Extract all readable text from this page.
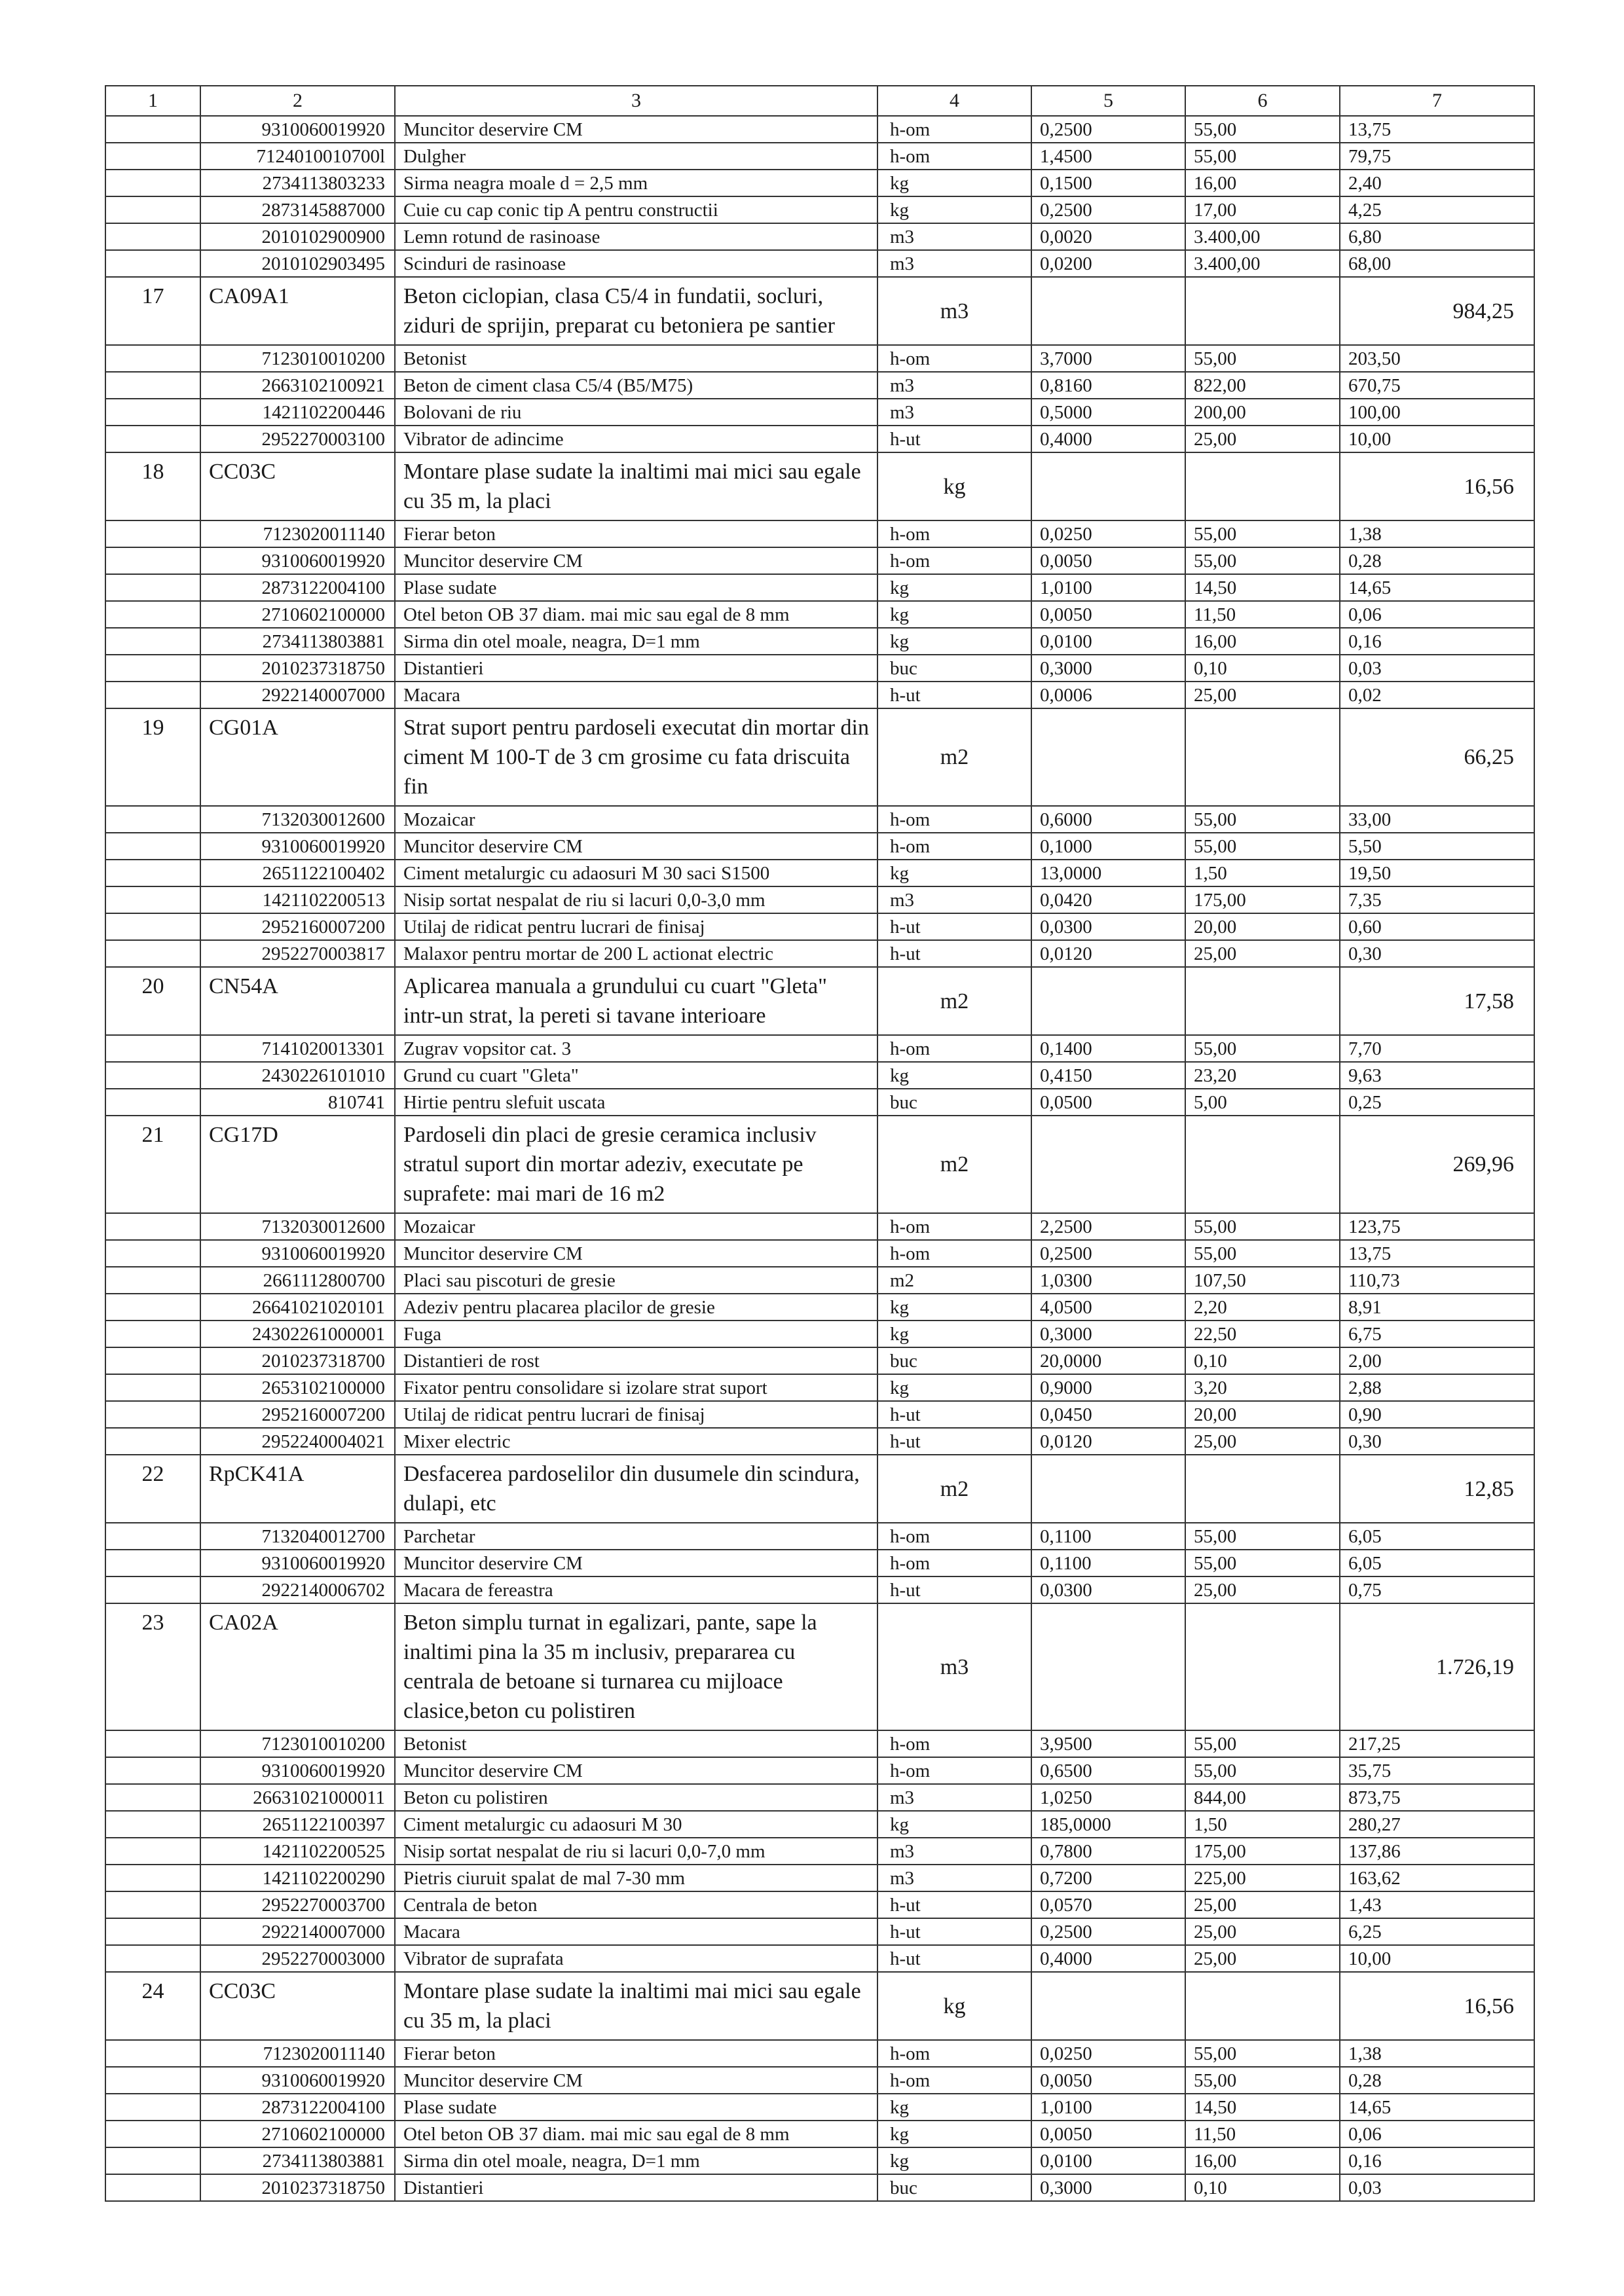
1	2	3	4	5	6	7
	9310060019920	Muncitor deservire CM	h-om	0,2500	55,00	13,75
	7124010010700l	Dulgher	h-om	1,4500	55,00	79,75
	2734113803233	Sirma neagra moale d = 2,5 mm	kg	0,1500	16,00	2,40
	2873145887000	Cuie cu cap conic tip A pentru constructii	kg	0,2500	17,00	4,25
	2010102900900	Lemn rotund de rasinoase	m3	0,0020	3.400,00	6,80
	2010102903495	Scinduri de rasinoase	m3	0,0200	3.400,00	68,00
17	CA09A1	Beton ciclopian, clasa C5/4 in fundatii, socluri, ziduri de sprijin, preparat cu betoniera pe santier	m3			984,25
	7123010010200	Betonist	h-om	3,7000	55,00	203,50
	2663102100921	Beton de ciment clasa C5/4 (B5/M75)	m3	0,8160	822,00	670,75
	1421102200446	Bolovani de riu	m3	0,5000	200,00	100,00
	2952270003100	Vibrator de adincime	h-ut	0,4000	25,00	10,00
18	CC03C	Montare plase sudate la inaltimi mai mici sau egale cu 35 m, la placi	kg			16,56
	7123020011140	Fierar beton	h-om	0,0250	55,00	1,38
	9310060019920	Muncitor deservire CM	h-om	0,0050	55,00	0,28
	2873122004100	Plase sudate	kg	1,0100	14,50	14,65
	2710602100000	Otel beton OB 37 diam. mai mic sau egal de 8 mm	kg	0,0050	11,50	0,06
	2734113803881	Sirma din otel moale, neagra, D=1 mm	kg	0,0100	16,00	0,16
	2010237318750	Distantieri	buc	0,3000	0,10	0,03
	2922140007000	Macara	h-ut	0,0006	25,00	0,02
19	CG01A	Strat suport pentru pardoseli executat din mortar din ciment M 100-T de 3 cm grosime cu fata driscuita fin	m2			66,25
	7132030012600	Mozaicar	h-om	0,6000	55,00	33,00
	9310060019920	Muncitor deservire CM	h-om	0,1000	55,00	5,50
	2651122100402	Ciment metalurgic cu adaosuri M 30 saci S1500	kg	13,0000	1,50	19,50
	1421102200513	Nisip sortat nespalat de riu si lacuri 0,0-3,0 mm	m3	0,0420	175,00	7,35
	2952160007200	Utilaj de ridicat pentru lucrari de finisaj	h-ut	0,0300	20,00	0,60
	2952270003817	Malaxor pentru mortar de 200 L actionat electric	h-ut	0,0120	25,00	0,30
20	CN54A	Aplicarea manuala a grundului cu cuart "Gleta" intr-un strat, la pereti si tavane interioare	m2			17,58
	7141020013301	Zugrav vopsitor cat. 3	h-om	0,1400	55,00	7,70
	2430226101010	Grund cu cuart "Gleta"	kg	0,4150	23,20	9,63
	810741	Hirtie pentru slefuit uscata	buc	0,0500	5,00	0,25
21	CG17D	Pardoseli din placi de gresie ceramica inclusiv stratul suport din mortar adeziv, executate pe suprafete: mai mari de 16 m2	m2			269,96
	7132030012600	Mozaicar	h-om	2,2500	55,00	123,75
	9310060019920	Muncitor deservire CM	h-om	0,2500	55,00	13,75
	2661112800700	Placi sau piscoturi de gresie	m2	1,0300	107,50	110,73
	26641021020101	Adeziv pentru placarea placilor de gresie	kg	4,0500	2,20	8,91
	24302261000001	Fuga	kg	0,3000	22,50	6,75
	2010237318700	Distantieri de rost	buc	20,0000	0,10	2,00
	2653102100000	Fixator pentru consolidare si izolare strat suport	kg	0,9000	3,20	2,88
	2952160007200	Utilaj de ridicat pentru lucrari de finisaj	h-ut	0,0450	20,00	0,90
	2952240004021	Mixer electric	h-ut	0,0120	25,00	0,30
22	RpCK41A	Desfacerea pardoselilor din dusumele din scindura, dulapi, etc	m2			12,85
	7132040012700	Parchetar	h-om	0,1100	55,00	6,05
	9310060019920	Muncitor deservire CM	h-om	0,1100	55,00	6,05
	2922140006702	Macara de fereastra	h-ut	0,0300	25,00	0,75
23	CA02A	Beton simplu turnat in egalizari, pante, sape la inaltimi pina la 35 m inclusiv, prepararea cu centrala de betoane si turnarea cu mijloace clasice,beton cu polistiren	m3			1.726,19
	7123010010200	Betonist	h-om	3,9500	55,00	217,25
	9310060019920	Muncitor deservire CM	h-om	0,6500	55,00	35,75
	26631021000011	Beton cu polistiren	m3	1,0250	844,00	873,75
	2651122100397	Ciment metalurgic cu adaosuri M 30	kg	185,0000	1,50	280,27
	1421102200525	Nisip sortat nespalat de riu si lacuri 0,0-7,0 mm	m3	0,7800	175,00	137,86
	1421102200290	Pietris ciuruit spalat de mal 7-30 mm	m3	0,7200	225,00	163,62
	2952270003700	Centrala de beton	h-ut	0,0570	25,00	1,43
	2922140007000	Macara	h-ut	0,2500	25,00	6,25
	2952270003000	Vibrator de suprafata	h-ut	0,4000	25,00	10,00
24	CC03C	Montare plase sudate la inaltimi mai mici sau egale cu 35 m, la placi	kg			16,56
	7123020011140	Fierar beton	h-om	0,0250	55,00	1,38
	9310060019920	Muncitor deservire CM	h-om	0,0050	55,00	0,28
	2873122004100	Plase sudate	kg	1,0100	14,50	14,65
	2710602100000	Otel beton OB 37 diam. mai mic sau egal de 8 mm	kg	0,0050	11,50	0,06
	2734113803881	Sirma din otel moale, neagra, D=1 mm	kg	0,0100	16,00	0,16
	2010237318750	Distantieri	buc	0,3000	0,10	0,03
